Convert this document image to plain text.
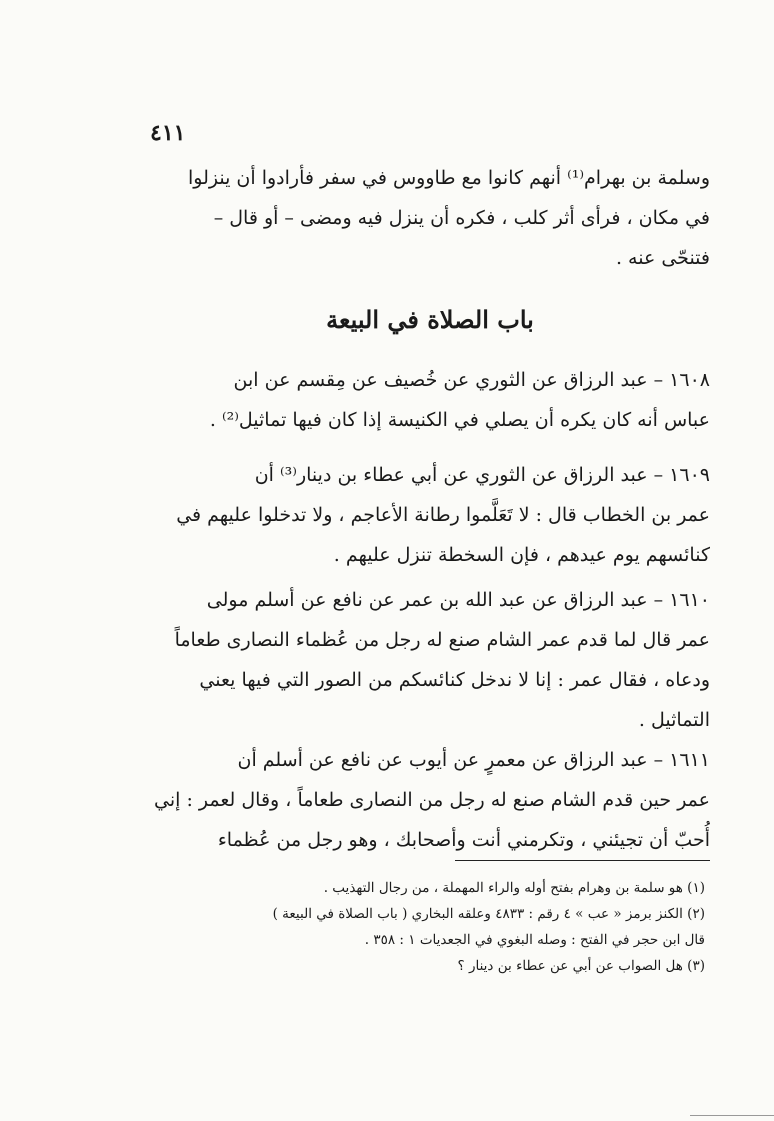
٤١١
وسلمة بن بهرام⁽¹⁾ أنهم كانوا مع طاووس في سفر فأرادوا أن ينزلوا
في مكان ، فرأى أثر كلب ، فكره أن ينزل فيه ومضى – أو قال –
فتنحّى عنه .
باب الصلاة في البيعة
١٦٠٨ – عبد الرزاق عن الثوري عن خُصيف عن مِقسم عن ابن
عباس أنه كان يكره أن يصلي في الكنيسة إذا كان فيها تماثيل⁽²⁾ .
١٦٠٩ – عبد الرزاق عن الثوري عن أبي عطاء بن دينار⁽³⁾ أن
عمر بن الخطاب قال : لا تَعَلَّموا رطانة الأعاجم ، ولا تدخلوا عليهم في
كنائسهم يوم عيدهم ، فإن السخطة تنزل عليهم .
١٦١٠ – عبد الرزاق عن عبد الله بن عمر عن نافع عن أسلم مولى
عمر قال لما قدم عمر الشام صنع له رجل من عُظماء النصارى طعاماً
ودعاه ، فقال عمر : إنا لا ندخل كنائسكم من الصور التي فيها يعني
التماثيل .
١٦١١ – عبد الرزاق عن معمرٍ عن أيوب عن نافع عن أسلم أن
عمر حين قدم الشام صنع له رجل من النصارى طعاماً ، وقال لعمر : إني
أُحبّ أن تجيئني ، وتكرمني أنت وأصحابك ، وهو رجل من عُظماء
(١) هو سلمة بن وهرام بفتح أوله والراء المهملة ، من رجال التهذيب .
(٢) الكنز برمز « عب » ٤ رقم : ٤٨٣٣ وعلقه البخاري ( باب الصلاة في البيعة )
قال ابن حجر في الفتح : وصله البغوي في الجعديات ١ : ٣٥٨ .
(٣) هل الصواب عن أبي عن عطاء بن دينار ؟
